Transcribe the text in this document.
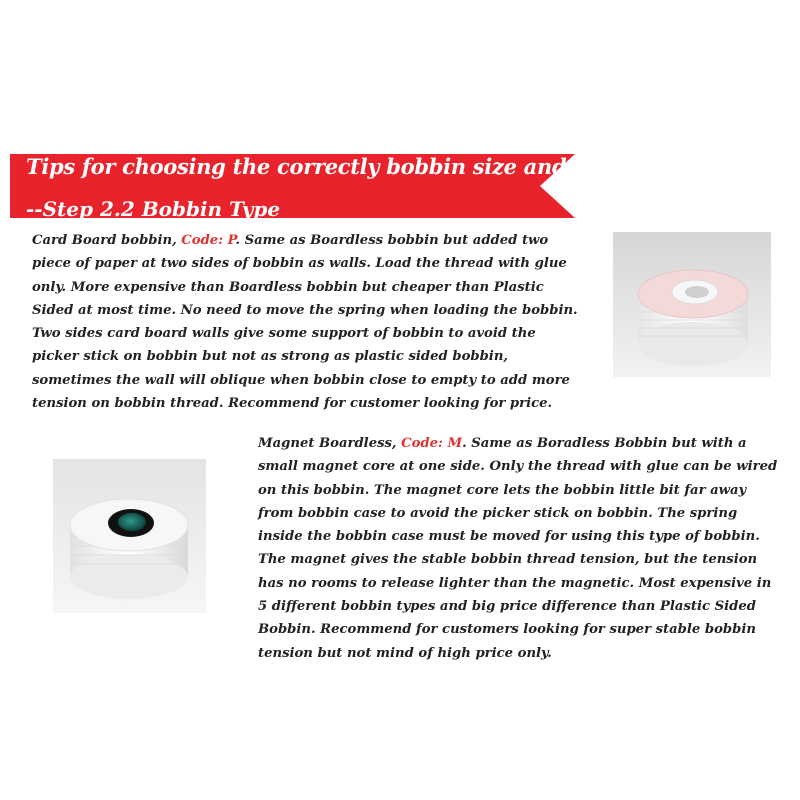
Tips for choosing the correctly bobbin size and thread
--Step 2.2 Bobbin Type
Card Board bobbin, Code: P. Same as Boardless bobbin but added two piece of paper at two sides of bobbin as walls. Load the thread with glue only. More expensive than Boardless bobbin but cheaper than Plastic Sided at most time. No need to move the spring when loading the bobbin. Two sides card board walls give some support of bobbin to avoid the picker stick on bobbin but not as strong as plastic sided bobbin, sometimes the wall will oblique when bobbin close to empty to add more tension on bobbin thread. Recommend for customer looking for price.
Magnet Boardless, Code: M. Same as Boradless Bobbin but with a small magnet core at one side. Only the thread with glue can be wired on this bobbin. The magnet core lets the bobbin little bit far away from bobbin case to avoid the picker stick on bobbin. The spring inside the bobbin case must be moved for using this type of bobbin. The magnet gives the stable bobbin thread tension, but the tension has no rooms to release lighter than the magnetic. Most expensive in 5 different bobbin types and big price difference than Plastic Sided Bobbin. Recommend for customers looking for super stable bobbin tension but not mind of high price only.
